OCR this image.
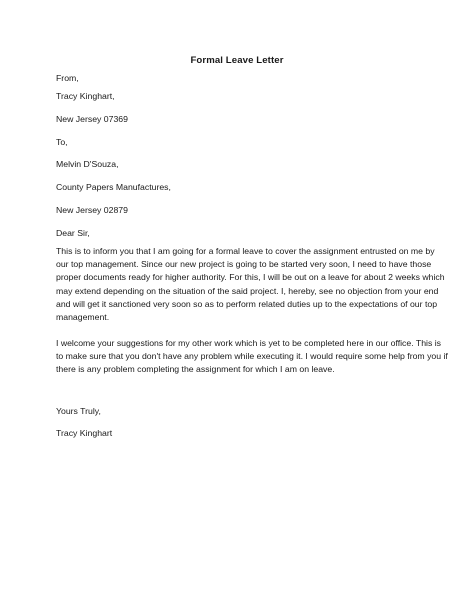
Formal Leave Letter
From,
Tracy Kinghart,
New Jersey 07369
To,
Melvin D'Souza,
County Papers Manufactures,
New Jersey 02879
Dear Sir,
This is to inform you that I am going for a formal leave to cover the assignment entrusted on me by our top management. Since our new project is going to be started very soon, I need to have those proper documents ready for higher authority. For this, I will be out on a leave for about 2 weeks which may extend depending on the situation of the said project. I, hereby, see no objection from your end and will get it sanctioned very soon so as to perform related duties up to the expectations of our top management.
I welcome your suggestions for my other work which is yet to be completed here in our office. This is to make sure that you don't have any problem while executing it. I would require some help from you if there is any problem completing the assignment for which I am on leave.
Yours Truly,
Tracy Kinghart
